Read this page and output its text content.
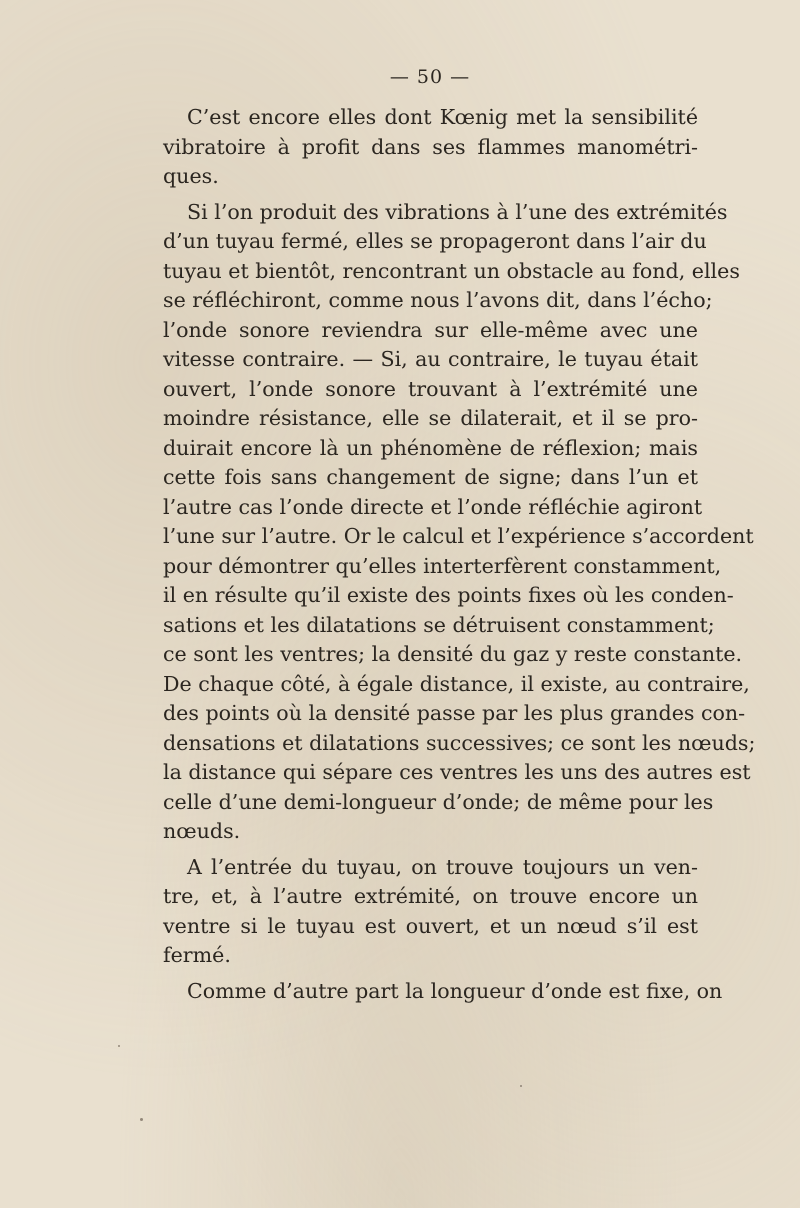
— 50 —

C’est encore elles dont Kœnig met la sensibilité
vibratoire à profit dans ses flammes manométri-
ques.

Si l’on produit des vibrations à l’une des extrémités
d’un tuyau fermé, elles se propageront dans l’air du
tuyau et bientôt, rencontrant un obstacle au fond, elles
se réfléchiront, comme nous l’avons dit, dans l’écho;
l’onde sonore reviendra sur elle-même avec une
vitesse contraire. — Si, au contraire, le tuyau était
ouvert, l’onde sonore trouvant à l’extrémité une
moindre résistance, elle se dilaterait, et il se pro-
duirait encore là un phénomène de réflexion; mais
cette fois sans changement de signe; dans l’un et
l’autre cas l’onde directe et l’onde réfléchie agiront
l’une sur l’autre. Or le calcul et l’expérience s’accordent
pour démontrer qu’elles interterfèrent constamment,
il en résulte qu’il existe des points fixes où les conden-
sations et les dilatations se détruisent constamment;
ce sont les ventres; la densité du gaz y reste constante.
De chaque côté, à égale distance, il existe, au contraire,
des points où la densité passe par les plus grandes con-
densations et dilatations successives; ce sont les nœuds;
la distance qui sépare ces ventres les uns des autres est
celle d’une demi-longueur d’onde; de même pour les
nœuds.

A l’entrée du tuyau, on trouve toujours un ven-
tre, et, à l’autre extrémité, on trouve encore un
ventre si le tuyau est ouvert, et un nœud s’il est
fermé.

Comme d’autre part la longueur d’onde est fixe, on
